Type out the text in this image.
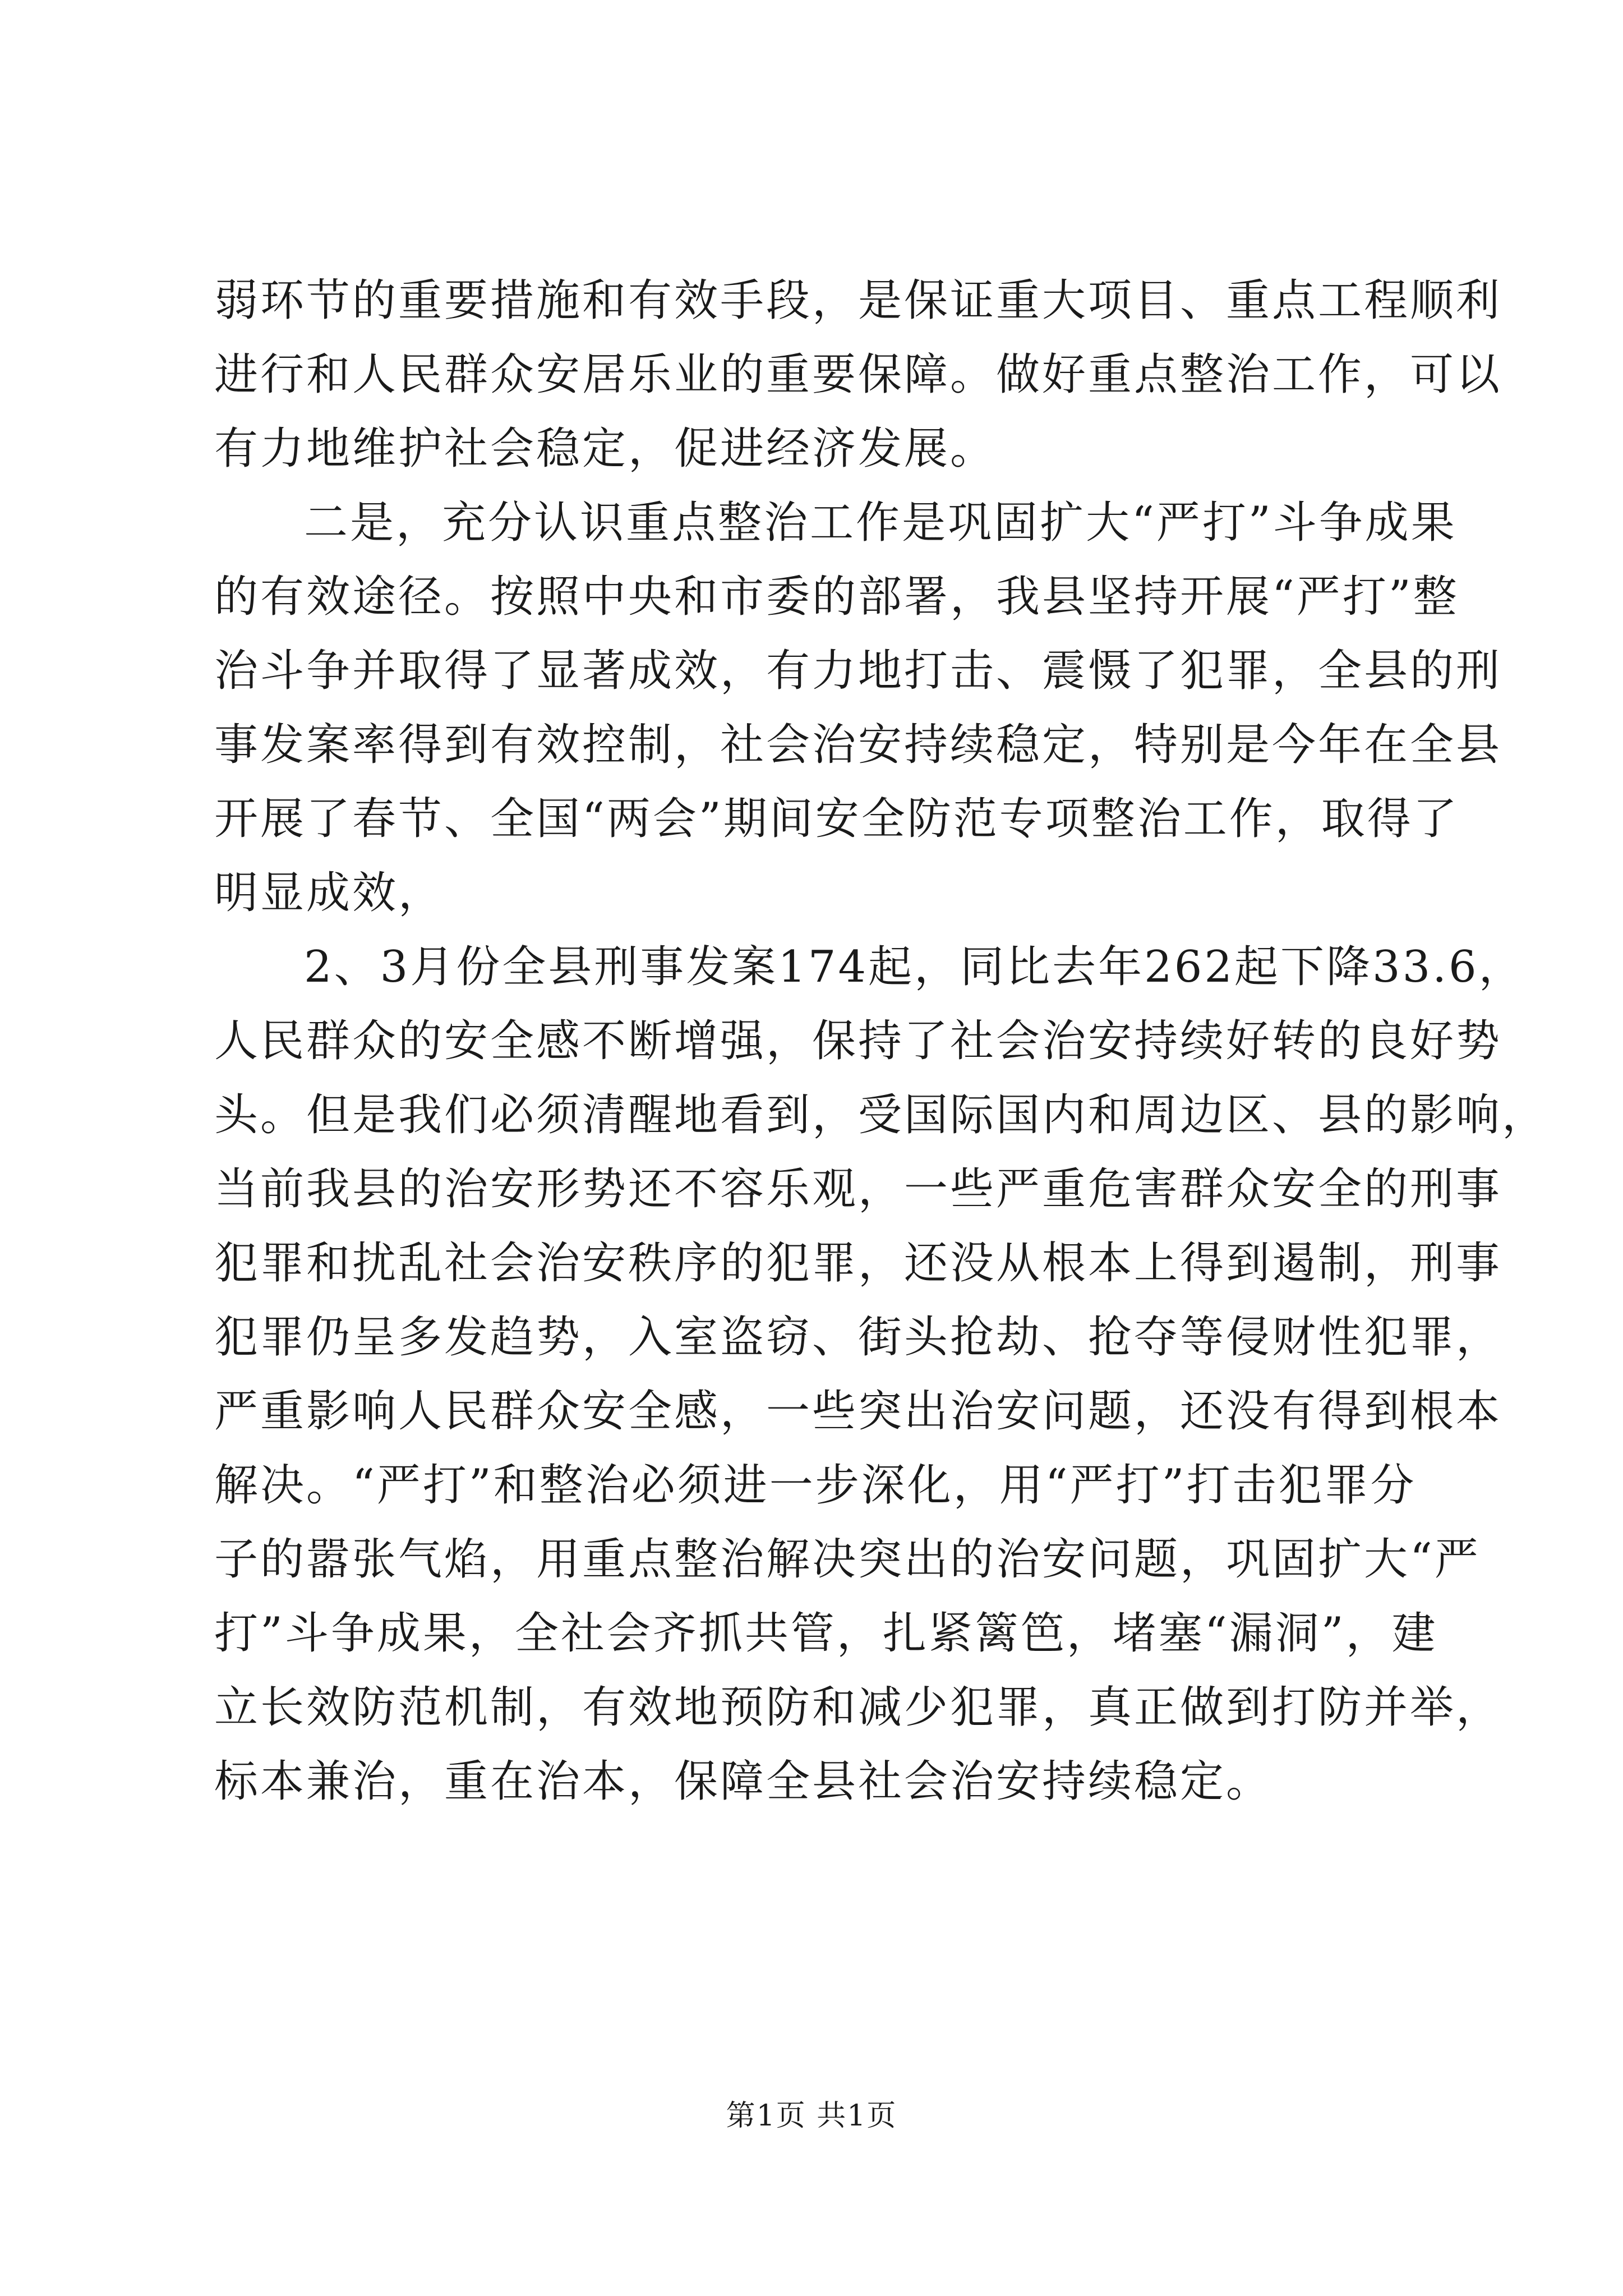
弱环节的重要措施和有效手段，是保证重大项目、重点工程顺利
进行和人民群众安居乐业的重要保障。做好重点整治工作，可以
有力地维护社会稳定，促进经济发展。
二是，充分认识重点整治工作是巩固扩大“严打”斗争成果
的有效途径。按照中央和市委的部署，我县坚持开展“严打”整
治斗争并取得了显著成效，有力地打击、震慑了犯罪，全县的刑
事发案率得到有效控制，社会治安持续稳定，特别是今年在全县
开展了春节、全国“两会”期间安全防范专项整治工作，取得了
明显成效，
2、3月份全县刑事发案174起，同比去年262起下降33.6，
人民群众的安全感不断增强，保持了社会治安持续好转的良好势
头。但是我们必须清醒地看到，受国际国内和周边区、县的影响，
当前我县的治安形势还不容乐观，一些严重危害群众安全的刑事
犯罪和扰乱社会治安秩序的犯罪，还没从根本上得到遏制，刑事
犯罪仍呈多发趋势，入室盗窃、街头抢劫、抢夺等侵财性犯罪，
严重影响人民群众安全感，一些突出治安问题，还没有得到根本
解决。“严打”和整治必须进一步深化，用“严打”打击犯罪分
子的嚣张气焰，用重点整治解决突出的治安问题，巩固扩大“严
打”斗争成果，全社会齐抓共管，扎紧篱笆，堵塞“漏洞”，建
立长效防范机制，有效地预防和减少犯罪，真正做到打防并举，
标本兼治，重在治本，保障全县社会治安持续稳定。
第1页 共1页
